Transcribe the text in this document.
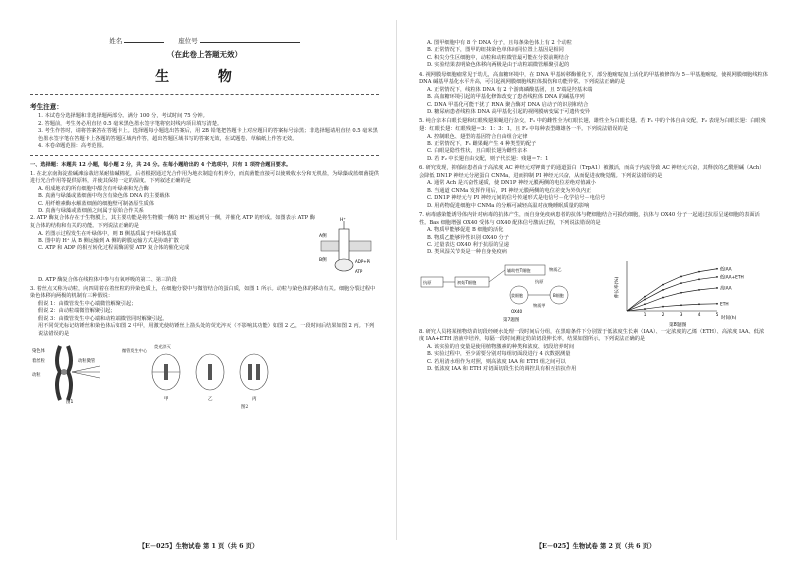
姓名	座位号
（在此卷上答题无效）
生 物
考生注意：
1. 本试卷分选择题和非选择题两部分。满分 100 分，考试时间 75 分钟。
2. 答题前，考生务必用直径 0.5 毫米黑色墨水签字笔将密封线内项目填写清楚。
3. 考生作答时，请将答案答在答题卡上。选择题每小题选出答案后，用 2B 铅笔把答题卡上对应题目的答案标号涂黑；非选择题请用直径 0.5 毫米黑色墨水签字笔在答题卡上各题的答题区域内作答，超出答题区域书写的答案无效，在试题卷、草稿纸上作答无效。
4. 本卷命题范围：高考范围。
一、选择题：本题共 12 小题，每小题 2 分，共 24 分。在每小题给出的 4 个选项中，只有 1 项符合题目要求。
1. 在北京南海淀盐碱滩涂栽培某耐盐碱棉花，后者根据通过光合作用为地衣制造有机养分，而真菌能直接可以使吸收水分和无机盐，为绿藻或蓝细菌提供进行光合作用等提供原料，并使其保持一定的湿度。下列叙述正确的是
A. 组成地衣的所有细胞中都含有叶绿素和光合酶
B. 真菌与绿藻或蓝细菌中均含有染色体 DNA 的主要载体
C. 用纤维素酶水解蓝细菌的细胞壁可制备原生质体
D. 真菌与绿藻或蓝细菌之间属于原始合作关系
2. ATP 酶复合体存在于生物膜上，其主要功能是将生物膜一侧的 H⁺ 搬运到另一侧，并催化 ATP 的形成。如图表示 ATP 酶复合体的结构和有关的功能。下列说法正确的是
A. 若图示过程发生在叶绿体中，则 B 侧基质属于叶绿体基质
B. 图中的 H⁺ 从 B 侧运输到 A 侧的跨膜运输方式是协助扩散
C. ATP 和 ADP 的相互转化过程需酶需要 ATP 复合体的催化完成
H⁺
A侧
B侧	ADP+Pi
ATP
D. ATP 酶复合体在线粒体中参与有氧呼吸的第二、第三阶段
3. 着丝点又称为动粒，向四周着在着丝粒的异染色质上，在细胞分裂中与微管结合的蛋白质，如图 1 所示。动粒与染色体的移动有关。细胞分裂过程中染色体移向两极的机制有三种假说：
假说 1：由微管发生中心端微管解聚引起；
假说 2：由动粒端微管解聚引起；
假说 3：由微管发生中心端和动粒端微管同时解聚引起。
用不同荧光标记纺锤丝和染色体后如图 2 中甲，用激光使纺锤丝上箭头处的荧光淬灭（不影响其功能）如图 2 乙，一段时间后结果如图 2 丙。下列说法错误的是
染色体
着丝粒
动粒
动粒微管
图1
微管发生中心
荧光淬灭
甲	乙	丙
图2
【E－025】生物试卷 第 1 页（共 6 页）
A. 图甲细胞中有 8 个 DNA 分子，且每条染色体上有 2 个动粒
B. 正常情况下，图甲的纽抹染色单体间同位置上基因是相同
C. 积尖分生区细胞中，动粒和动粒微管最可能在分裂前期结合
D. 实验结果表明染色体移向两极是由于动粒端微管解聚引起的
4. 视网膜母细胞瘤常见于幼儿，高血糖环境中，在 DNA 甲基转移酶催化下，部分胞嘧啶加上活化的甲基被修饰为 5－甲基胞嘧啶，使视网膜细胞线粒体 DNA 碱基甲基化水平升高，可引起视网膜细胞线粒体损伤和功能异常。下列说法正确的是
A. 正常情况下，线粒体 DNA 有 2 个游离磷酸基团，且 5'端是羟基末端
B. 高血糖环境引起的甲基化修饰改变了患者线粒体 DNA 的碱基序列
C. DNA 甲基化可能干扰了 RNA 聚合酶对 DNA 启动子的识别和结合
D. 糖尿病患者线粒体 DNA 高甲基化引起的视网膜病变属于可遗传变异
5. 纯合亲本白眼长翅和红眼残翅果蝇进行杂交，F₁ 中的雌性全为红眼长翅，雄性全为白眼长翅。若 F₁ 中的个体自由交配，F₂ 表现为白眼长翅：白眼残翅：红眼长翅：红眼残翅＝3：1：3：1，且 F₂ 中每种表型雌雄各一半。下列说法错误的是
A. 控制眼色、翅型的基因符合自由组合定律
B. 正常情况下，F₁ 雌果蝇产生 4 种类型的配子
C. 白眼是隐性性状，且白眼长翅为雌性亲本
D. 若 F₂ 中长翅自由交配，则子代长翅：残翅＝7：1
6. 研究发现，抑郁症患者由于高浓度 AC 神经元对钾离子的通道蛋白（TrpA1）被激活，而高于内流导致 AC 神经元兴奋，其释放的乙酰胆碱（Ach）会降低 DN1P 神经元分泌蛋白 CNMa，进而抑制 PI 神经元兴奋，从而促进夜晚觉醒。下列说法错误的是
A. 通常 Ach 是兴奋性递质，使 DN1P 神经元膜两侧的电位差绝对值减小
B. 当通道 CNMa 发挥作用后，PI 神经元膜两侧的电位差变为外负内正
C. DN1P 神经元与 PI 神经元间的信号传递形式是电信号－化学信号－电信号
D. 用药物促进细胞中 CNMa 的分解可减轻高温对夜晚睡眠质量的影响
7. 病毒感染能诱导体内针对病毒的抗体产生，而自身免疫病患者的抗体与靶细胞结合可损伤细胞，抗体与 OX40 分子一起通过抗原呈递细胞的表面活性。Bas 细胞增强 OX40 受体与 OX40 配体信号激活过程，下列说法错误的是
A. 物质甲能够促进 B 细胞的活化
B. 物质乙能够异性识别 OX40 分子
C. 过量表达 OX40 利于抗原的呈递
D. 类风湿关节炎是一种自身免疫病
抗原	初始T细胞
辅助性T细胞	物质乙
抗原
浆细胞
OX40
物质甲
B细胞
第7题图
伸长率(%)
时间(h)
第8题图
1	2	3	4	5
低IAA
低IAA+ETH
高IAA
ETH
8. 研究人员将某植物幼苗切段经硬水处理一段时间后分组，在黑暗条件下分别置于低浓度生长素（IAA）、一定浓度的乙烯（ETH）、高浓度 IAA、低浓度 IAA+ETH 溶液中培养，每隔一段时间测定幼苗切段伸长率，结果如图所示。下列说法正确的是
A. 该实验的自变量是使用植物激素的种类和浓度、切段培养时间
B. 实验过程中，至少需要分别对每组切面段进行 4 次数据测量
C. 若用清水组作为对照，则高浓度 IAA 和 ETH 组之间可以
D. 低浓度 IAA 和 ETH 对切面切段生长的调控具有相互拮抗作用
【E－025】生物试卷 第 2 页（共 6 页）
